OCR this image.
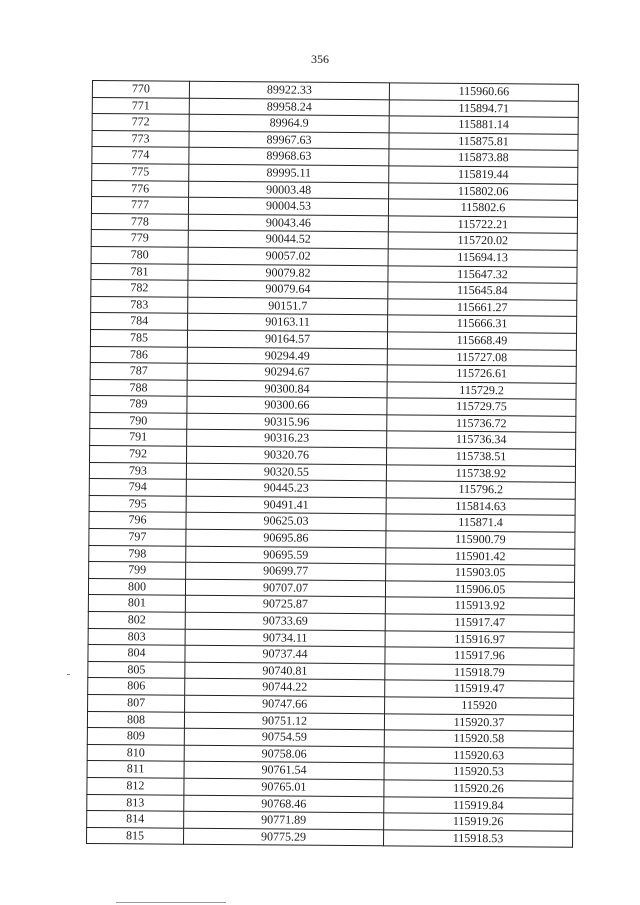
356
770	89922.33	115960.66
771	89958.24	115894.71
772	89964.9	115881.14
773	89967.63	115875.81
774	89968.63	115873.88
775	89995.11	115819.44
776	90003.48	115802.06
777	90004.53	115802.6
778	90043.46	115722.21
779	90044.52	115720.02
780	90057.02	115694.13
781	90079.82	115647.32
782	90079.64	115645.84
783	90151.7	115661.27
784	90163.11	115666.31
785	90164.57	115668.49
786	90294.49	115727.08
787	90294.67	115726.61
788	90300.84	115729.2
789	90300.66	115729.75
790	90315.96	115736.72
791	90316.23	115736.34
792	90320.76	115738.51
793	90320.55	115738.92
794	90445.23	115796.2
795	90491.41	115814.63
796	90625.03	115871.4
797	90695.86	115900.79
798	90695.59	115901.42
799	90699.77	115903.05
800	90707.07	115906.05
801	90725.87	115913.92
802	90733.69	115917.47
803	90734.11	115916.97
804	90737.44	115917.96
805	90740.81	115918.79
806	90744.22	115919.47
807	90747.66	115920
808	90751.12	115920.37
809	90754.59	115920.58
810	90758.06	115920.63
811	90761.54	115920.53
812	90765.01	115920.26
813	90768.46	115919.84
814	90771.89	115919.26
815	90775.29	115918.53
